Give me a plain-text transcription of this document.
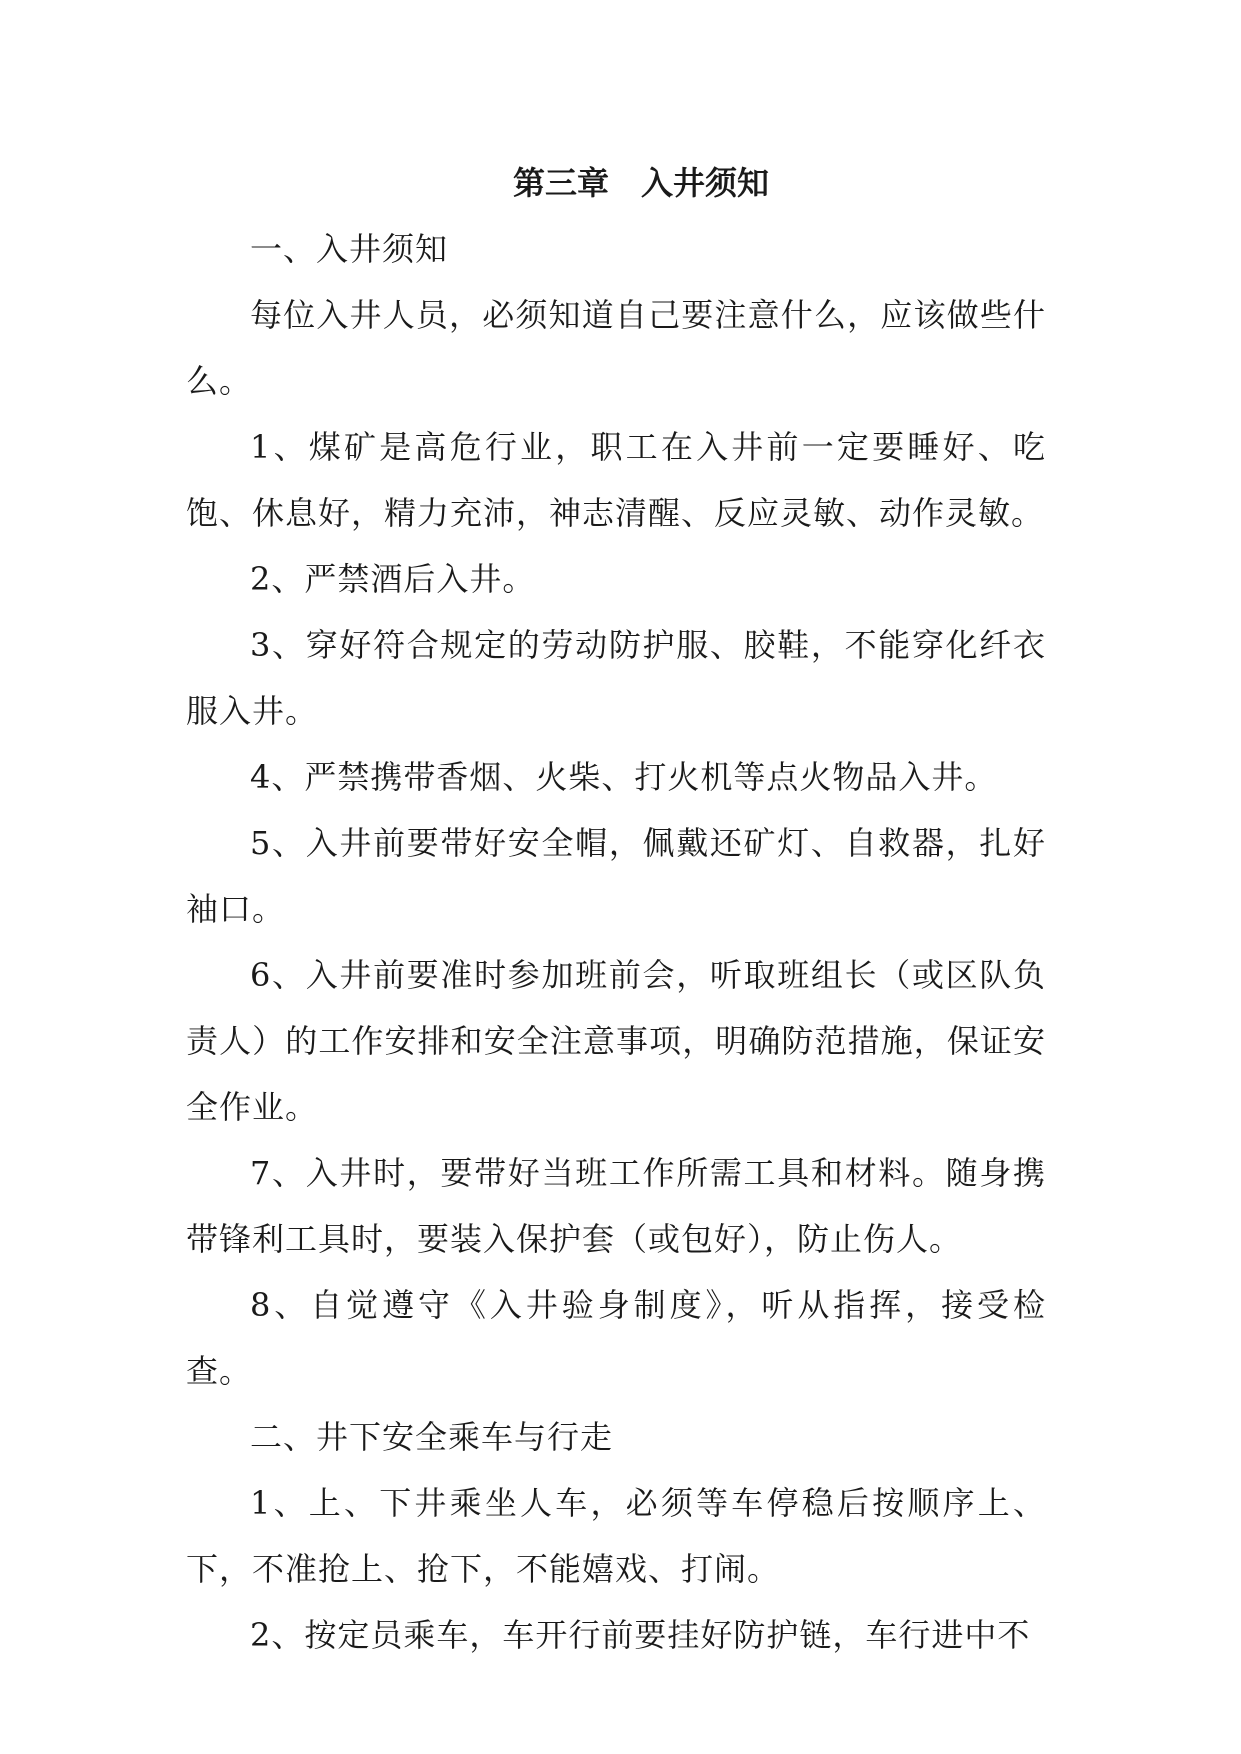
第三章　入井须知

一、入井须知

每位入井人员，必须知道自己要注意什么，应该做些什么。

1、煤矿是高危行业，职工在入井前一定要睡好、吃饱、休息好，精力充沛，神志清醒、反应灵敏、动作灵敏。

2、严禁酒后入井。

3、穿好符合规定的劳动防护服、胶鞋，不能穿化纤衣服入井。

4、严禁携带香烟、火柴、打火机等点火物品入井。

5、入井前要带好安全帽，佩戴还矿灯、自救器，扎好袖口。

6、入井前要准时参加班前会，听取班组长（或区队负责人）的工作安排和安全注意事项，明确防范措施，保证安全作业。

7、入井时，要带好当班工作所需工具和材料。随身携带锋利工具时，要装入保护套（或包好），防止伤人。

8、自觉遵守《入井验身制度》，听从指挥，接受检查。

二、井下安全乘车与行走

1、上、下井乘坐人车，必须等车停稳后按顺序上、下，不准抢上、抢下，不能嬉戏、打闹。

2、按定员乘车，车开行前要挂好防护链，车行进中不
